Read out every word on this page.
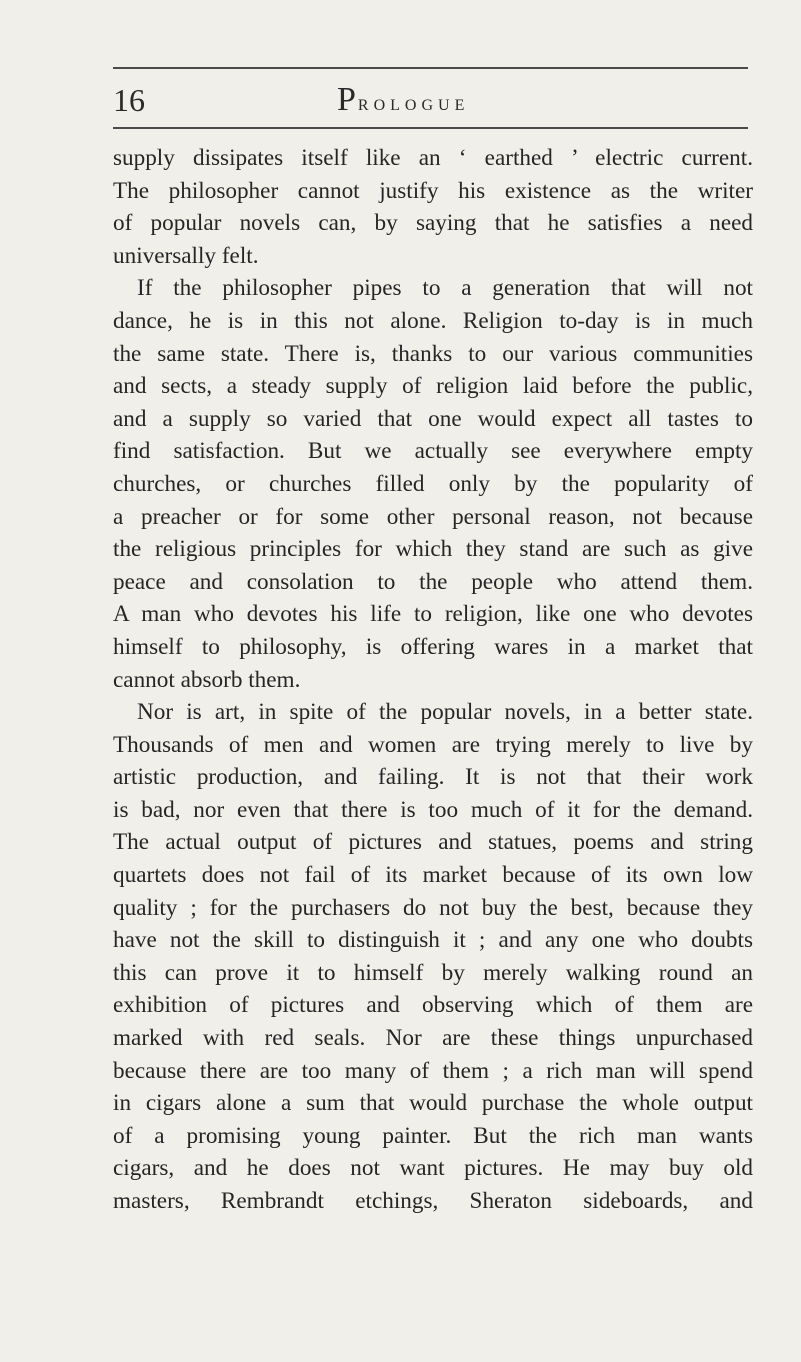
16	Prologue
supply dissipates itself like an ‘ earthed ’ electric current.
The philosopher cannot justify his existence as the writer
of popular novels can, by saying that he satisfies a need
universally felt.
If the philosopher pipes to a generation that will not
dance, he is in this not alone. Religion to-day is in much
the same state. There is, thanks to our various communities
and sects, a steady supply of religion laid before the public,
and a supply so varied that one would expect all tastes to
find satisfaction. But we actually see everywhere empty
churches, or churches filled only by the popularity of
a preacher or for some other personal reason, not because
the religious principles for which they stand are such as give
peace and consolation to the people who attend them.
A man who devotes his life to religion, like one who devotes
himself to philosophy, is offering wares in a market that
cannot absorb them.
Nor is art, in spite of the popular novels, in a better state.
Thousands of men and women are trying merely to live by
artistic production, and failing. It is not that their work
is bad, nor even that there is too much of it for the demand.
The actual output of pictures and statues, poems and string
quartets does not fail of its market because of its own low
quality ; for the purchasers do not buy the best, because they
have not the skill to distinguish it ; and any one who doubts
this can prove it to himself by merely walking round an
exhibition of pictures and observing which of them are
marked with red seals. Nor are these things unpurchased
because there are too many of them ; a rich man will spend
in cigars alone a sum that would purchase the whole output
of a promising young painter. But the rich man wants
cigars, and he does not want pictures. He may buy old
masters, Rembrandt etchings, Sheraton sideboards, and
